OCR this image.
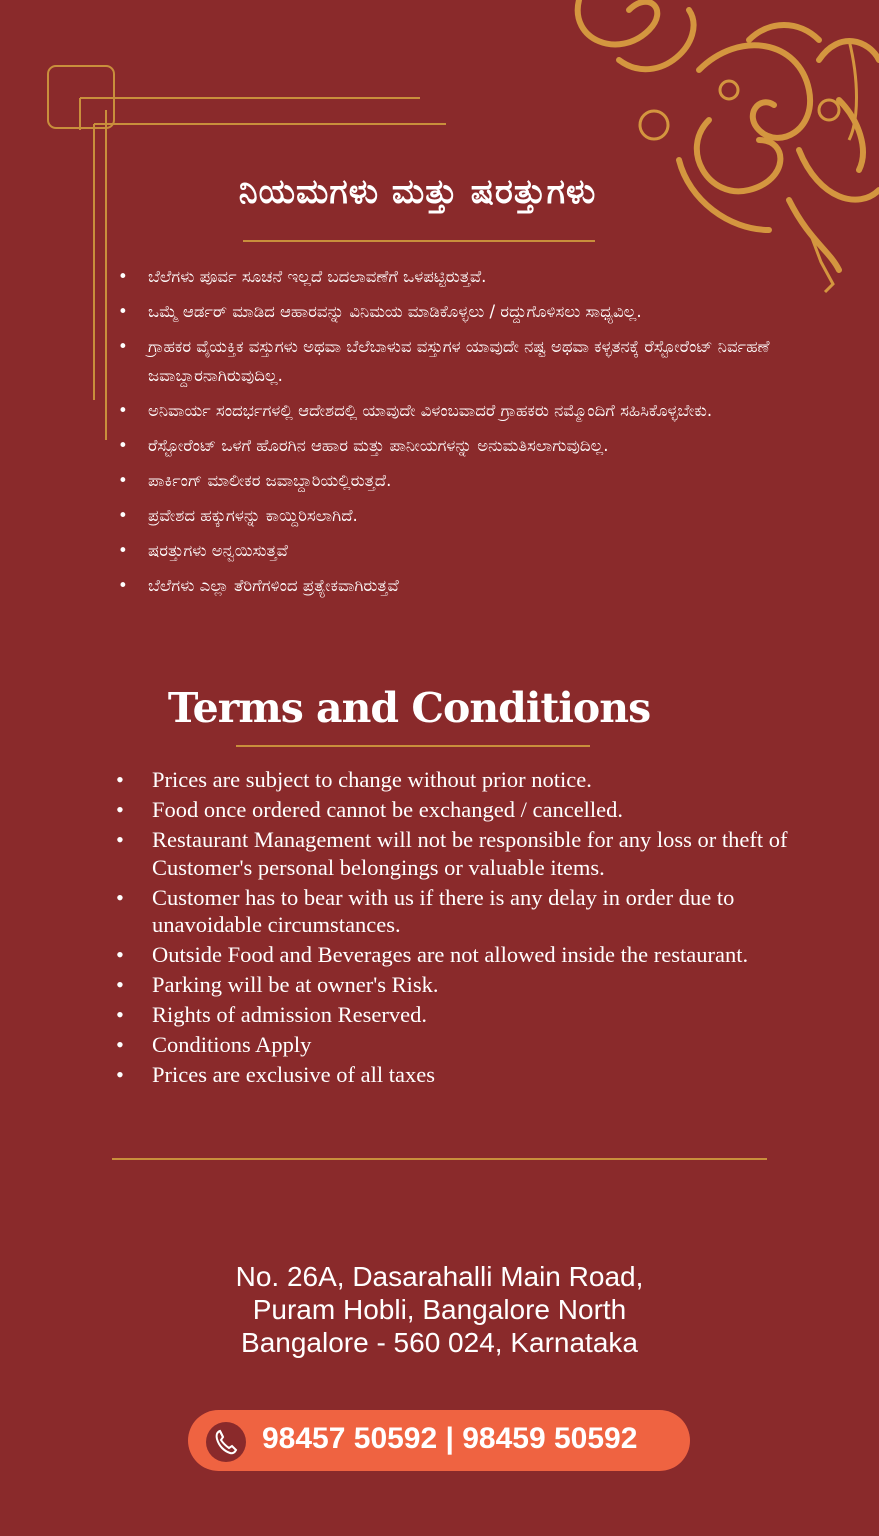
ನಿಯಮಗಳು ಮತ್ತು ಷರತ್ತುಗಳು
• ಬೆಲೆಗಳು ಪೂರ್ವ ಸೂಚನೆ ಇಲ್ಲದೆ ಬದಲಾವಣೆಗೆ ಒಳಪಟ್ಟಿರುತ್ತವೆ.
• ಒಮ್ಮೆ ಆರ್ಡರ್ ಮಾಡಿದ ಆಹಾರವನ್ನು ವಿನಿಮಯ ಮಾಡಿಕೊಳ್ಳಲು / ರದ್ದುಗೊಳಿಸಲು ಸಾಧ್ಯವಿಲ್ಲ.
• ಗ್ರಾಹಕರ ವೈಯಕ್ತಿಕ ವಸ್ತುಗಳು ಅಥವಾ ಬೆಲೆಬಾಳುವ ವಸ್ತುಗಳ ಯಾವುದೇ ನಷ್ಟ ಅಥವಾ ಕಳ್ಳತನಕ್ಕೆ ರೆಸ್ಟೋರೆಂಟ್ ನಿರ್ವಹಣೆ ಜವಾಬ್ದಾರನಾಗಿರುವುದಿಲ್ಲ.
• ಅನಿವಾರ್ಯ ಸಂದರ್ಭಗಳಲ್ಲಿ ಆದೇಶದಲ್ಲಿ ಯಾವುದೇ ವಿಳಂಬವಾದರೆ ಗ್ರಾಹಕರು ನಮ್ಮೊಂದಿಗೆ ಸಹಿಸಿಕೊಳ್ಳಬೇಕು.
• ರೆಸ್ಟೋರೆಂಟ್ ಒಳಗೆ ಹೊರಗಿನ ಆಹಾರ ಮತ್ತು ಪಾನೀಯಗಳನ್ನು ಅನುಮತಿಸಲಾಗುವುದಿಲ್ಲ.
• ಪಾರ್ಕಿಂಗ್ ಮಾಲೀಕರ ಜವಾಬ್ದಾರಿಯಲ್ಲಿರುತ್ತದೆ.
• ಪ್ರವೇಶದ ಹಕ್ಕುಗಳನ್ನು ಕಾಯ್ದಿರಿಸಲಾಗಿದೆ.
• ಷರತ್ತುಗಳು ಅನ್ವಯಿಸುತ್ತವೆ
• ಬೆಲೆಗಳು ಎಲ್ಲಾ ತೆರಿಗೆಗಳಿಂದ ಪ್ರತ್ಯೇಕವಾಗಿರುತ್ತವೆ
Terms and Conditions
• Prices are subject to change without prior notice.
• Food once ordered cannot be exchanged / cancelled.
• Restaurant Management will not be responsible for any loss or theft of Customer's personal belongings or valuable items.
• Customer has to bear with us if there is any delay in order due to unavoidable circumstances.
• Outside Food and Beverages are not allowed inside the restaurant.
• Parking will be at owner's Risk.
• Rights of admission Reserved.
• Conditions Apply
• Prices are exclusive of all taxes
No. 26A, Dasarahalli Main Road,
Puram Hobli, Bangalore North
Bangalore - 560 024, Karnataka
98457 50592 | 98459 50592
